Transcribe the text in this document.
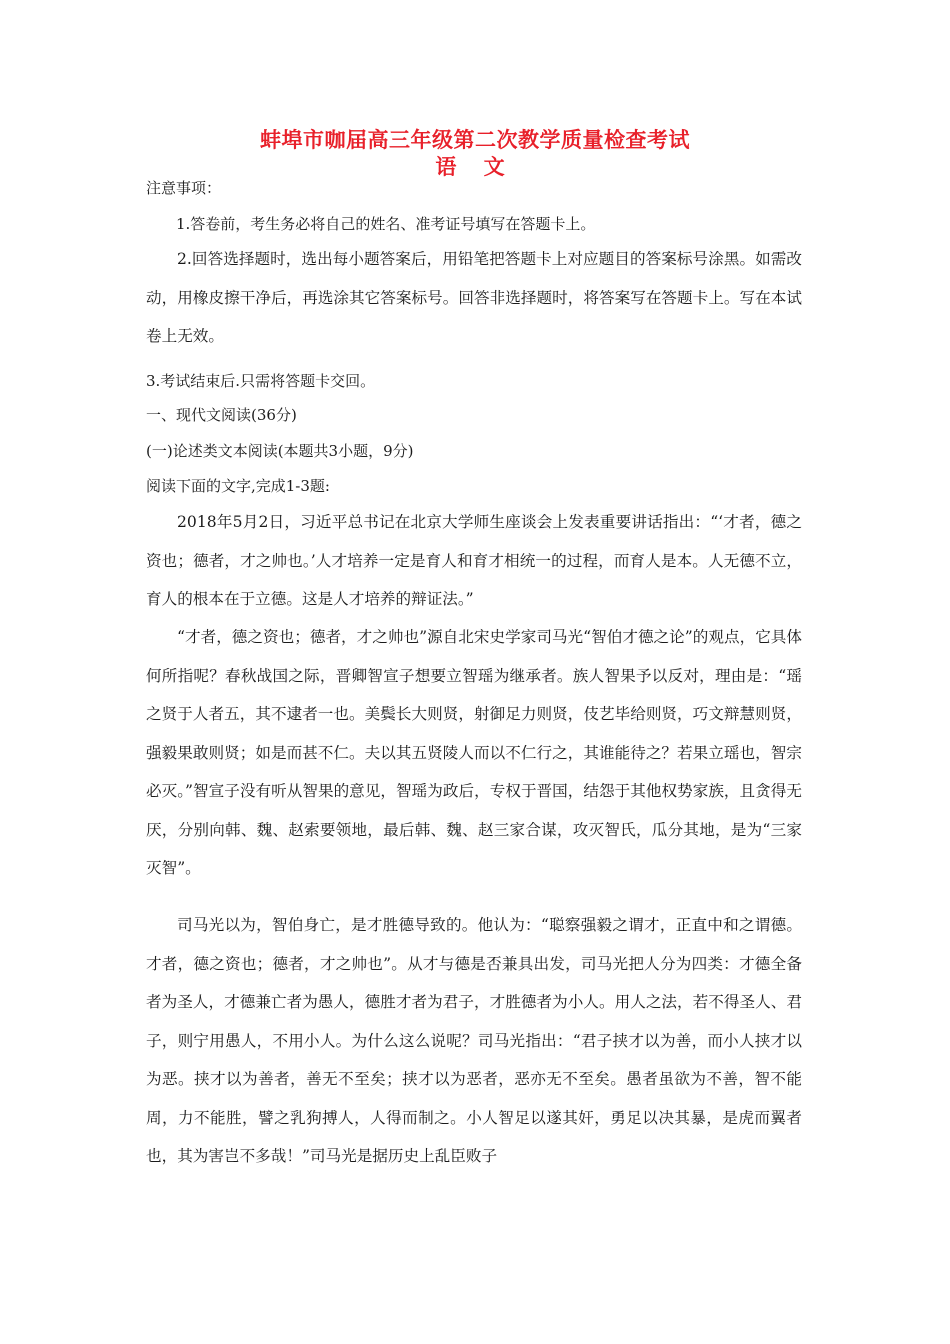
蚌埠市咖届高三年级第二次教学质量检查考试
语 文

注意事项：

1.答卷前，考生务必将自己的姓名、准考证号填写在答题卡上。

2.回答选择题时，选出每小题答案后，用铅笔把答题卡上对应题目的答案标号涂黑。如需改动，用橡皮擦干净后，再选涂其它答案标号。回答非选择题时，将答案写在答题卡上。写在本试卷上无效。

3.考试结束后.只需将答题卡交回。

一、现代文阅读(36分)

(一)论述类文本阅读(本题共3小题，9分)

阅读下面的文字,完成1-3题:

2018年5月2日，习近平总书记在北京大学师生座谈会上发表重要讲话指出：“‘才者，德之资也；德者，才之帅也。’人才培养一定是育人和育才相统一的过程，而育人是本。人无德不立，育人的根本在于立德。这是人才培养的辩证法。”

“才者，德之资也；德者，才之帅也”源自北宋史学家司马光“智伯才德之论”的观点，它具体何所指呢？春秋战国之际，晋卿智宣子想要立智瑶为继承者。族人智果予以反对，理由是：“瑶之贤于人者五，其不逮者一也。美鬓长大则贤，射御足力则贤，伎艺毕给则贤，巧文辩慧则贤，强毅果敢则贤；如是而甚不仁。夫以其五贤陵人而以不仁行之，其谁能待之？若果立瑶也，智宗必灭。”智宣子没有听从智果的意见，智瑶为政后，专权于晋国，结怨于其他权势家族，且贪得无厌，分别向韩、魏、赵索要领地，最后韩、魏、赵三家合谋，攻灭智氏，瓜分其地，是为“三家灭智”。

司马光以为，智伯身亡，是才胜德导致的。他认为：“聪察强毅之谓才，正直中和之谓德。才者，德之资也；德者，才之帅也”。从才与德是否兼具出发，司马光把人分为四类：才德全备者为圣人，才德兼亡者为愚人，德胜才者为君子，才胜德者为小人。用人之法，若不得圣人、君子，则宁用愚人，不用小人。为什么这么说呢？司马光指出：“君子挟才以为善，而小人挟才以为恶。挟才以为善者，善无不至矣；挟才以为恶者，恶亦无不至矣。愚者虽欲为不善，智不能周，力不能胜，譬之乳狗搏人，人得而制之。小人智足以遂其奸，勇足以决其暴，是虎而翼者也，其为害岂不多哉！”司马光是据历史上乱臣败子
